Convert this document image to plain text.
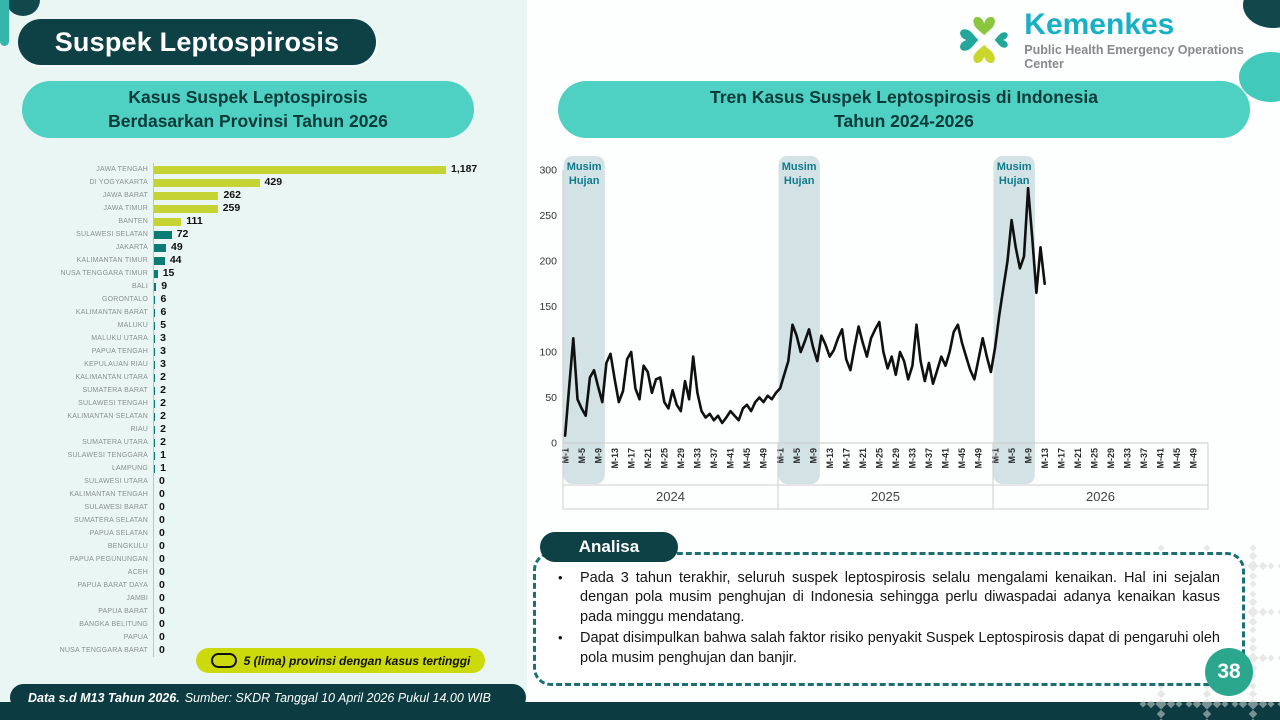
Suspek Leptospirosis
Kemenkes
Public Health Emergency Operations Center
Kasus Suspek Leptospirosis
Berdasarkan Provinsi Tahun 2026
Tren Kasus Suspek Leptospirosis di Indonesia
Tahun 2024-2026
JAWA TENGAH	1,187
DI YOGYAKARTA	429
JAWA BARAT	262
JAWA TIMUR	259
BANTEN	111
SULAWESI SELATAN	72
JAKARTA	49
KALIMANTAN TIMUR	44
NUSA TENGGARA TIMUR	15
BALI	9
GORONTALO	6
KALIMANTAN BARAT	6
MALUKU	5
MALUKU UTARA	3
PAPUA TENGAH	3
KEPULAUAN RIAU	3
KALIMANTAN UTARA	2
SUMATERA BARAT	2
SULAWESI TENGAH	2
KALIMANTAN SELATAN	2
RIAU	2
SUMATERA UTARA	2
SULAWESI TENGGARA	1
LAMPUNG	1
SULAWESI UTARA	0
KALIMANTAN TENGAH	0
SULAWESI BARAT	0
SUMATERA SELATAN	0
PAPUA SELATAN	0
BENGKULU	0
PAPUA PEGUNUNGAN	0
ACEH	0
PAPUA BARAT DAYA	0
JAMBI	0
PAPUA BARAT	0
BANGKA BELITUNG	0
PAPUA	0
NUSA TENGGARA BARAT	0
5 (lima) provinsi dengan kasus tertinggi
Musim
Hujan
Musim
Hujan
Musim
Hujan
0
50
100
150
200
250
300
M-1 M-5 M-9 M-13 M-17 M-21 M-25 M-29 M-33 M-37 M-41 M-45 M-49 M-1 M-5 M-9 M-13 M-17 M-21 M-25 M-29 M-33 M-37 M-41 M-45 M-49 M-1 M-5 M-9 M-13 M-17 M-21 M-25 M-29 M-33 M-37 M-41 M-45 M-49
2024	2025	2026
Analisa
• Pada 3 tahun terakhir, seluruh suspek leptospirosis selalu mengalami kenaikan. Hal ini sejalan dengan pola musim penghujan di Indonesia sehingga perlu diwaspadai adanya kenaikan kasus pada minggu mendatang.
• Dapat disimpulkan bahwa salah faktor risiko penyakit Suspek Leptospirosis dapat di pengaruhi oleh pola musim penghujan dan banjir.
38
Data s.d M13 Tahun 2026. Sumber: SKDR Tanggal 10 April 2026 Pukul 14.00 WIB
